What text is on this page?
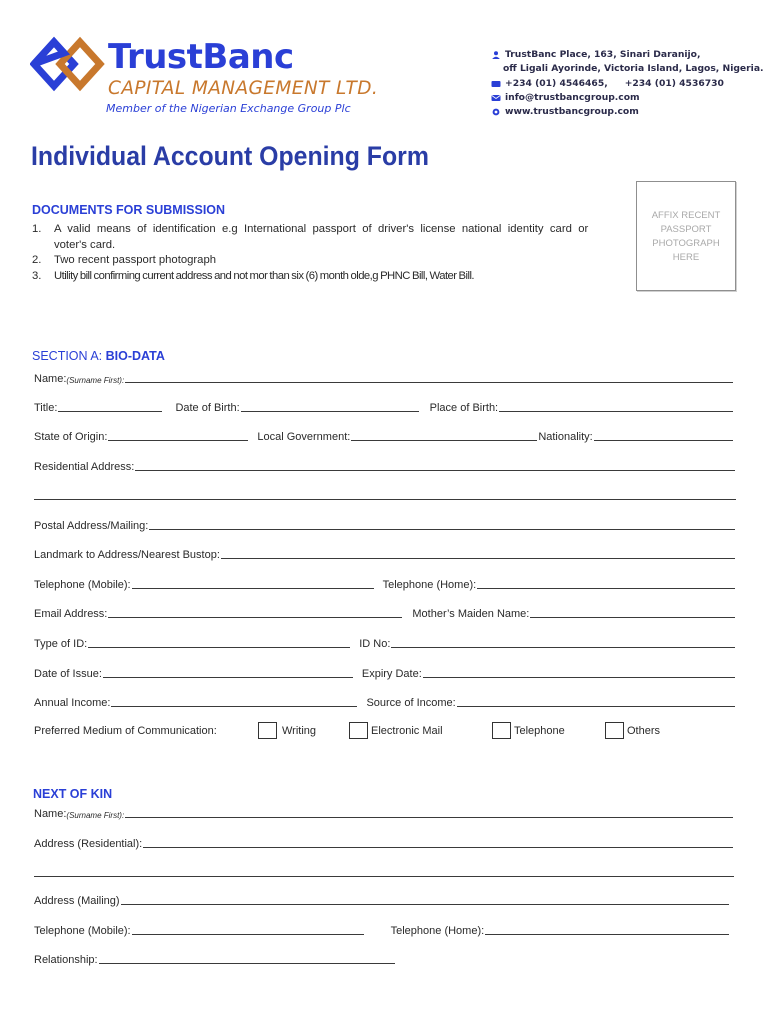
TrustBanc
CAPITAL MANAGEMENT LTD.
Member of the Nigerian Exchange Group Plc
TrustBanc Place, 163, Sinari Daranijo,
off Ligali Ayorinde, Victoria Island, Lagos, Nigeria.
+234 (01) 4546465, +234 (01) 4536730
info@trustbancgroup.com
www.trustbancgroup.com
Individual Account Opening Form
DOCUMENTS FOR SUBMISSION
1.	A valid means of identification e.g International passport of driver's license national identity card or
voter's card.
2.	Two recent passport photograph
3.	Utility bill confirming current address and not mor than six (6) month olde,g PHNC Bill, Water Bill.
AFFIX RECENT PASSPORT PHOTOGRAPH HERE
SECTION A: BIO-DATA
Name: (Surname First):
Title:	Date of Birth:	Place of Birth:
State of Origin:	Local Government:	Nationality:
Residential Address:
Postal Address/Mailing:
Landmark to Address/Nearest Bustop:
Telephone (Mobile):	Telephone (Home):
Email Address:	Mother’s Maiden Name:
Type of ID:	ID No:
Date of Issue:	Expiry Date:
Annual Income:	Source of Income:
Preferred Medium of Communication:	Writing	Electronic Mail	Telephone	Others
NEXT OF KIN
Name: (Surname First):
Address (Residential):
Address (Mailing)
Telephone (Mobile):	Telephone (Home):
Relationship:
